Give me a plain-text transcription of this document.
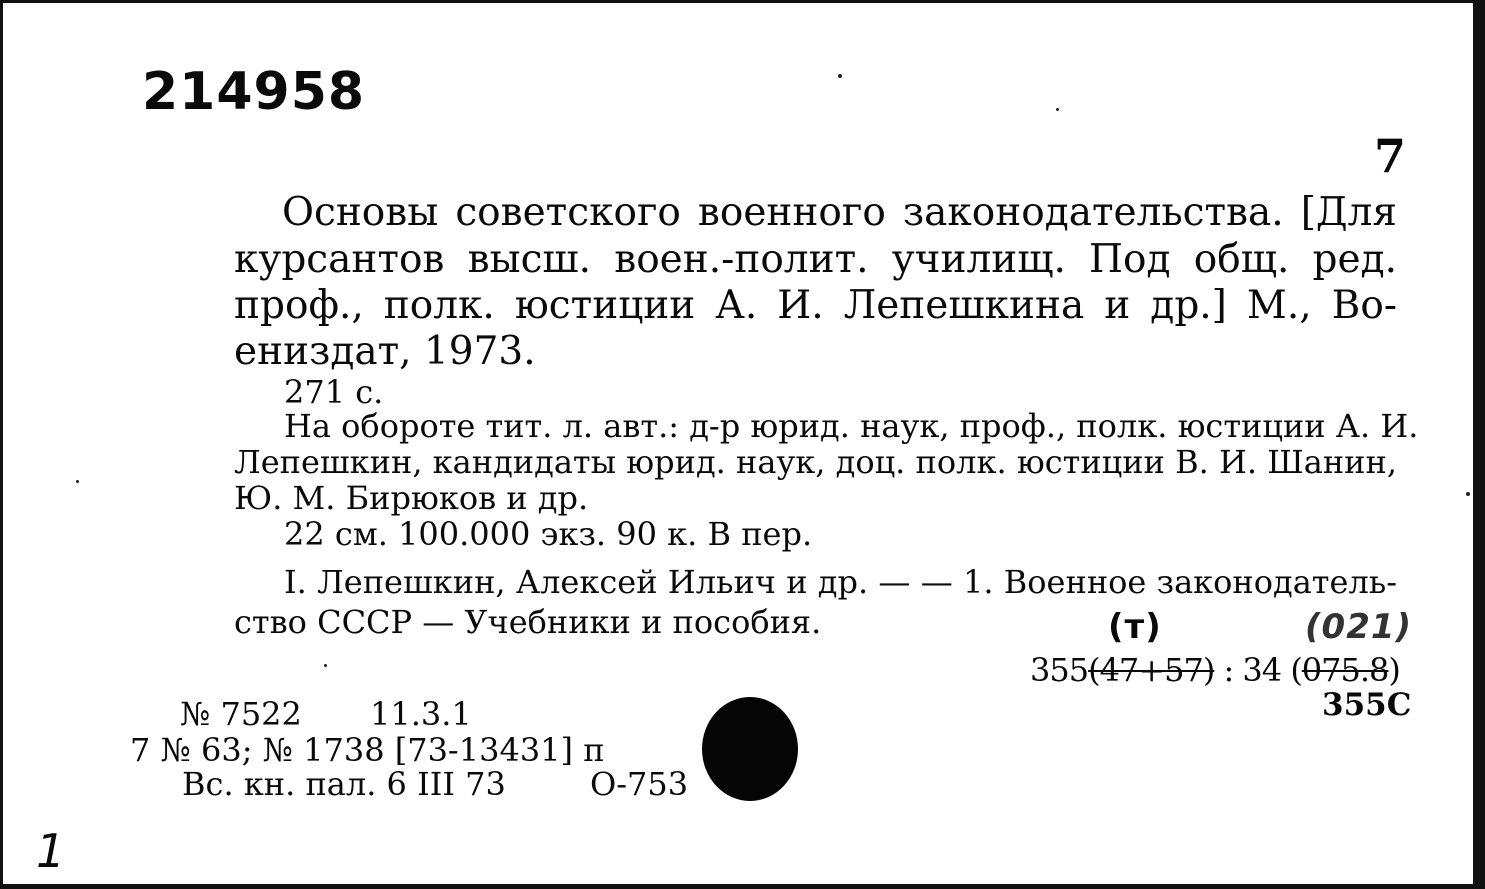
214958
7
Основы советского военного законодательства. [Для
курсантов высш. воен.-полит. училищ. Под общ. ред.
проф., полк. юстиции А. И. Лепешкина и др.] М., Во-
ениздат, 1973.
271 с.
На обороте тит. л. авт.: д-р юрид. наук, проф., полк. юстиции А. И.
Лепешкин, кандидаты юрид. наук, доц. полк. юстиции В. И. Шанин,
Ю. М. Бирюков и др.
22 см. 100.000 экз. 90 к. В пер.
I. Лепешкин, Алексей Ильич и др. — — 1. Военное законодатель-
ство СССР — Учебники и пособия.	(т)	(021)
355(47+57) : 34 (075.8)
355С
№ 7522 11.3.1
7 № 63; № 1738 [73-13431] п
Вс. кн. пал. 6 III 73	О-753
1
